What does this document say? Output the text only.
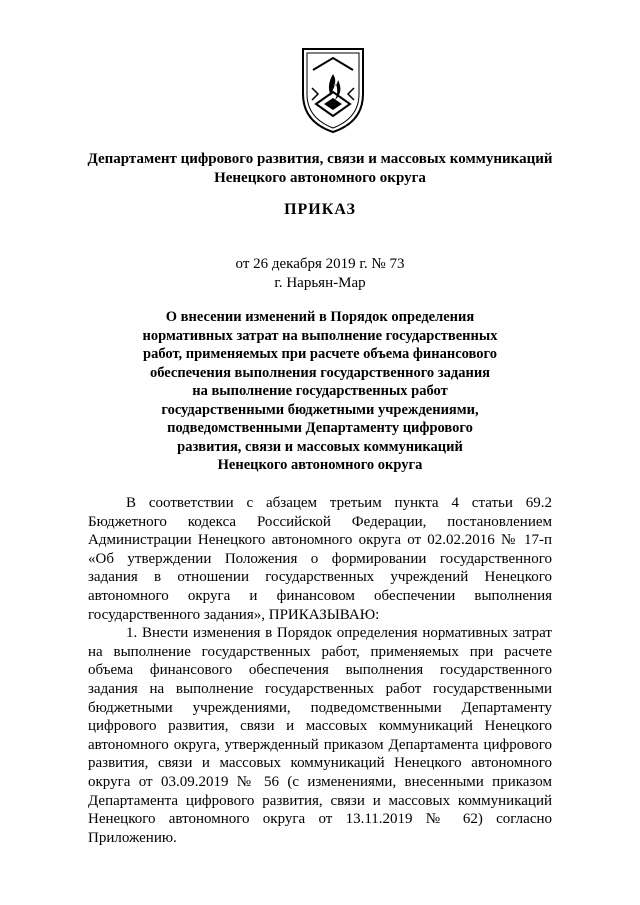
Департамент цифрового развития, связи и массовых коммуникаций
Ненецкого автономного округа
ПРИКАЗ
от 26 декабря 2019 г. № 73
г. Нарьян-Мар
О внесении изменений в Порядок определения
нормативных затрат на выполнение государственных
работ, применяемых при расчете объема финансового
обеспечения выполнения государственного задания
на выполнение государственных работ
государственными бюджетными учреждениями,
подведомственными Департаменту цифрового
развития, связи и массовых коммуникаций
Ненецкого автономного округа

В соответствии с абзацем третьим пункта 4 статьи 69.2 Бюджетного кодекса Российской Федерации, постановлением Администрации Ненецкого автономного округа от 02.02.2016 № 17-п «Об утверждении Положения о формировании государственного задания в отношении государственных учреждений Ненецкого автономного округа и финансовом обеспечении выполнения государственного задания», ПРИКАЗЫВАЮ:

1. Внести изменения в Порядок определения нормативных затрат на выполнение государственных работ, применяемых при расчете объема финансового обеспечения выполнения государственного задания на выполнение государственных работ государственными бюджетными учреждениями, подведомственными Департаменту цифрового развития, связи и массовых коммуникаций Ненецкого автономного округа, утвержденный приказом Департамента цифрового развития, связи и массовых коммуникаций Ненецкого автономного округа от 03.09.2019 № 56 (с изменениями, внесенными приказом Департамента цифрового развития, связи и массовых коммуникаций Ненецкого автономного округа от 13.11.2019 № 62) согласно Приложению.
